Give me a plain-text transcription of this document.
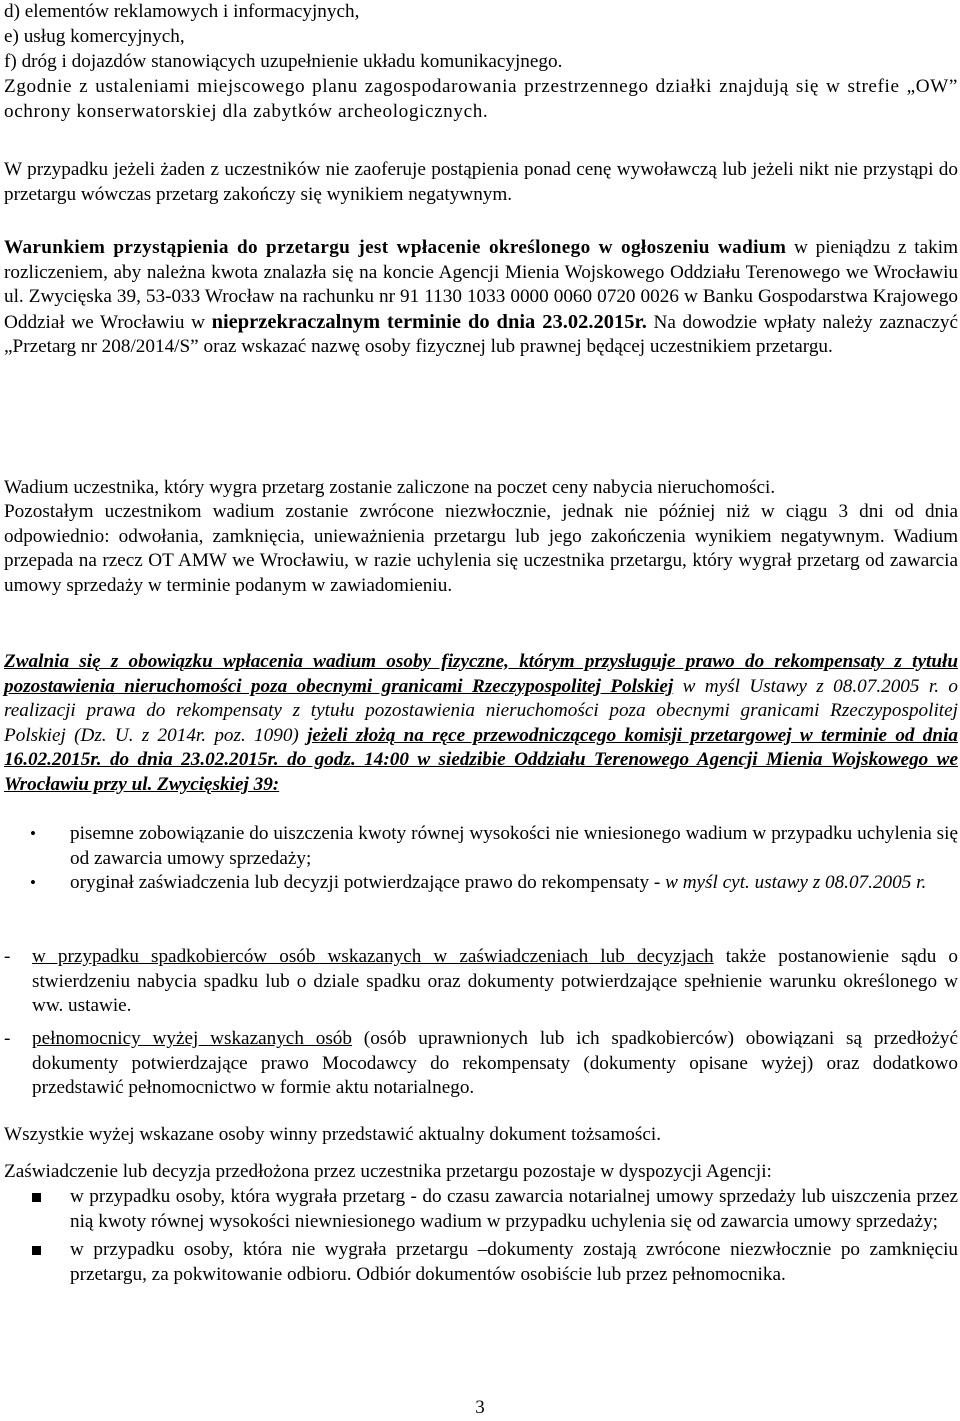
d) elementów reklamowych i informacyjnych,

e) usług komercyjnych,

f) dróg i dojazdów stanowiących uzupełnienie układu komunikacyjnego.

Zgodnie z ustaleniami miejscowego planu zagospodarowania przestrzennego działki znajdują się w strefie „OW” ochrony konserwatorskiej dla zabytków archeologicznych.

W przypadku jeżeli żaden z uczestników nie zaoferuje postąpienia ponad cenę wywoławczą lub jeżeli nikt nie przystąpi do przetargu wówczas przetarg zakończy się wynikiem negatywnym.

Warunkiem przystąpienia do przetargu jest wpłacenie określonego w ogłoszeniu wadium w pieniądzu z takim rozliczeniem, aby należna kwota znalazła się na koncie Agencji Mienia Wojskowego Oddziału Terenowego we Wrocławiu ul. Zwycięska 39, 53-033 Wrocław na rachunku nr 91 1130 1033 0000 0060 0720 0026 w Banku Gospodarstwa Krajowego Oddział we Wrocławiu w nieprzekraczalnym terminie do dnia 23.02.2015r. Na dowodzie wpłaty należy zaznaczyć „Przetarg nr 208/2014/S” oraz wskazać nazwę osoby fizycznej lub prawnej będącej uczestnikiem przetargu.

Wadium uczestnika, który wygra przetarg zostanie zaliczone na poczet ceny nabycia nieruchomości.

Pozostałym uczestnikom wadium zostanie zwrócone niezwłocznie, jednak nie później niż w ciągu 3 dni od dnia odpowiednio: odwołania, zamknięcia, unieważnienia przetargu lub jego zakończenia wynikiem negatywnym. Wadium przepada na rzecz OT AMW we Wrocławiu, w razie uchylenia się uczestnika przetargu, który wygrał przetarg od zawarcia umowy sprzedaży w terminie podanym w zawiadomieniu.

Zwalnia się z obowiązku wpłacenia wadium osoby fizyczne, którym przysługuje prawo do rekompensaty z tytułu pozostawienia nieruchomości poza obecnymi granicami Rzeczypospolitej Polskiej w myśl Ustawy z 08.07.2005 r. o realizacji prawa do rekompensaty z tytułu pozostawienia nieruchomości poza obecnymi granicami Rzeczypospolitej Polskiej (Dz. U. z 2014r. poz. 1090) jeżeli złożą na ręce przewodniczącego komisji przetargowej w terminie od dnia 16.02.2015r. do dnia 23.02.2015r. do godz. 14:00 w siedzibie Oddziału Terenowego Agencji Mienia Wojskowego we Wrocławiu przy ul. Zwycięskiej 39:

• pisemne zobowiązanie do uiszczenia kwoty równej wysokości nie wniesionego wadium w przypadku uchylenia się od zawarcia umowy sprzedaży;
• oryginał zaświadczenia lub decyzji potwierdzające prawo do rekompensaty - w myśl cyt. ustawy z 08.07.2005 r.
- w przypadku spadkobierców osób wskazanych w zaświadczeniach lub decyzjach także postanowienie sądu o stwierdzeniu nabycia spadku lub o dziale spadku oraz dokumenty potwierdzające spełnienie warunku określonego w ww. ustawie.
- pełnomocnicy wyżej wskazanych osób (osób uprawnionych lub ich spadkobierców) obowiązani są przedłożyć dokumenty potwierdzające prawo Mocodawcy do rekompensaty (dokumenty opisane wyżej) oraz dodatkowo przedstawić pełnomocnictwo w formie aktu notarialnego.

Wszystkie wyżej wskazane osoby winny przedstawić aktualny dokument tożsamości.

Zaświadczenie lub decyzja przedłożona przez uczestnika przetargu pozostaje w dyspozycji Agencji:

w przypadku osoby, która wygrała przetarg - do czasu zawarcia notarialnej umowy sprzedaży lub uiszczenia przez nią kwoty równej wysokości niewniesionego wadium w przypadku uchylenia się od zawarcia umowy sprzedaży;
w przypadku osoby, która nie wygrała przetargu –dokumenty zostają zwrócone niezwłocznie po zamknięciu przetargu, za pokwitowanie odbioru. Odbiór dokumentów osobiście lub przez pełnomocnika.
3
